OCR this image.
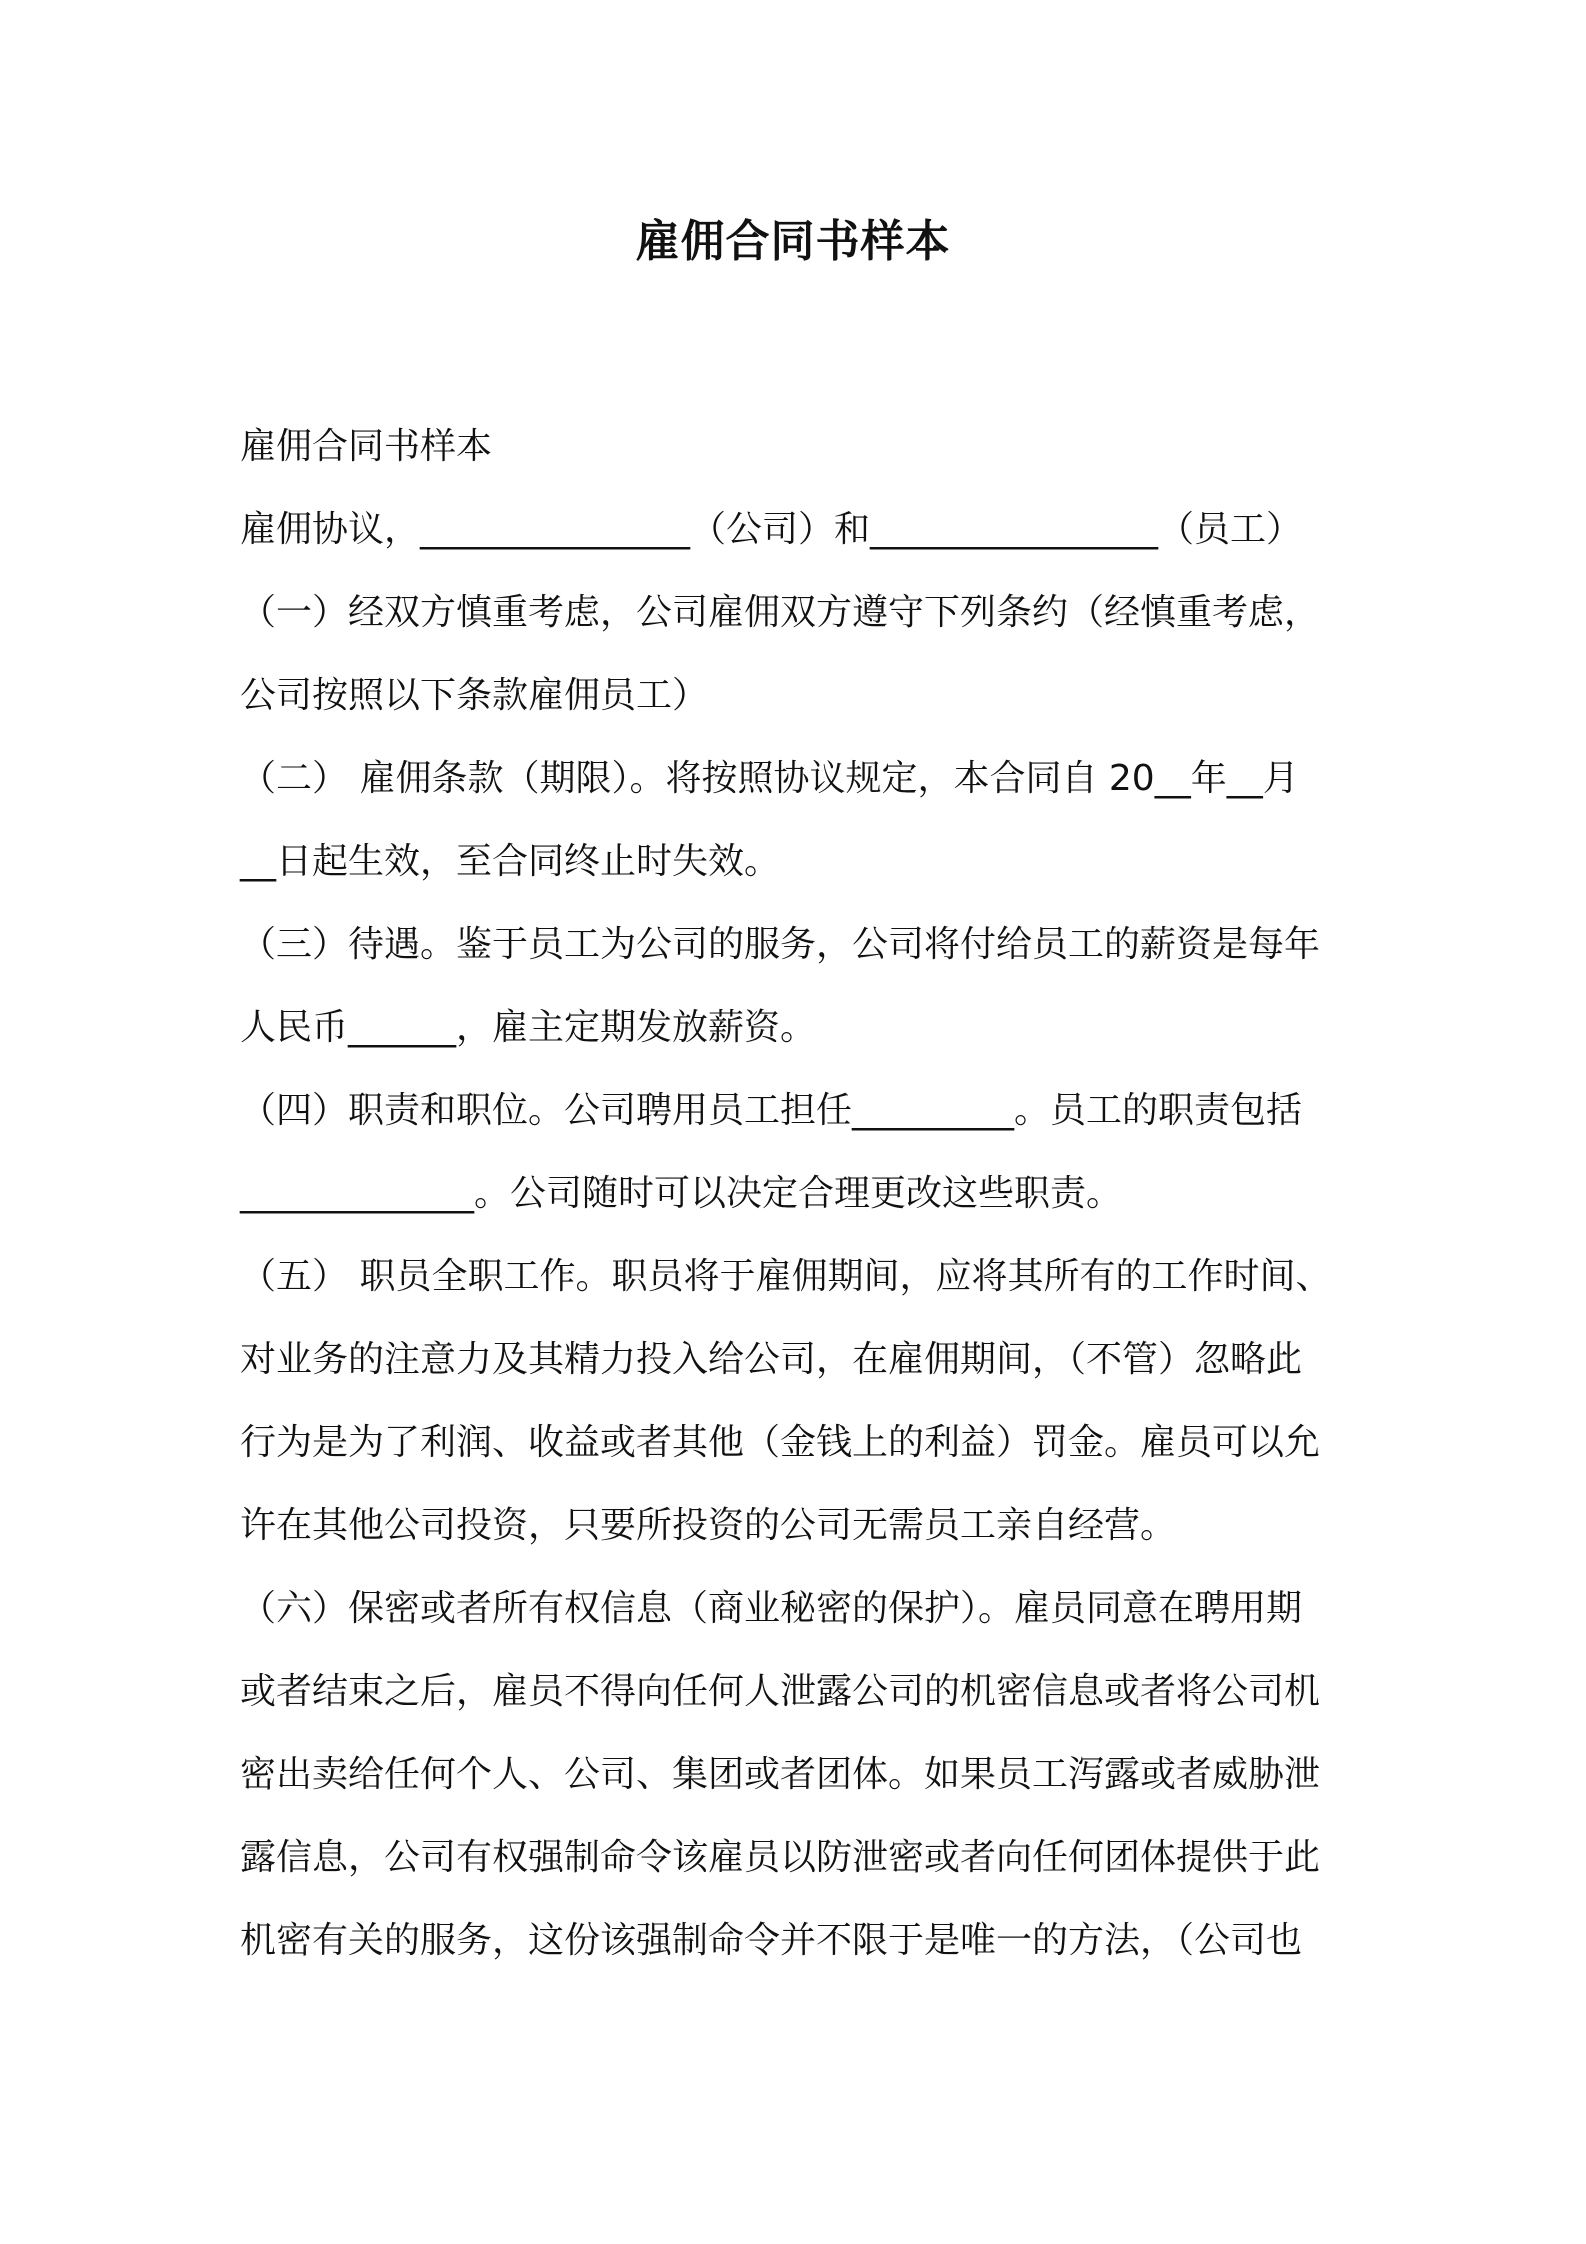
雇佣合同书样本

雇佣合同书样本

雇佣协议，_______________（公司）和________________（员工）

（一）经双方慎重考虑，公司雇佣双方遵守下列条约（经慎重考虑，

公司按照以下条款雇佣员工）

（二） 雇佣条款（期限）。将按照协议规定，本合同自 20__年__月

__日起生效，至合同终止时失效。

（三）待遇。鉴于员工为公司的服务，公司将付给员工的薪资是每年

人民币______，雇主定期发放薪资。

（四）职责和职位。公司聘用员工担任_________。员工的职责包括

_____________。公司随时可以决定合理更改这些职责。

（五） 职员全职工作。职员将于雇佣期间，应将其所有的工作时间、

对业务的注意力及其精力投入给公司，在雇佣期间，（不管）忽略此

行为是为了利润、收益或者其他（金钱上的利益）罚金。雇员可以允

许在其他公司投资，只要所投资的公司无需员工亲自经营。

（六）保密或者所有权信息（商业秘密的保护）。雇员同意在聘用期

或者结束之后，雇员不得向任何人泄露公司的机密信息或者将公司机

密出卖给任何个人、公司、集团或者团体。如果员工泻露或者威胁泄

露信息，公司有权强制命令该雇员以防泄密或者向任何团体提供于此

机密有关的服务，这份该强制命令并不限于是唯一的方法，（公司也
